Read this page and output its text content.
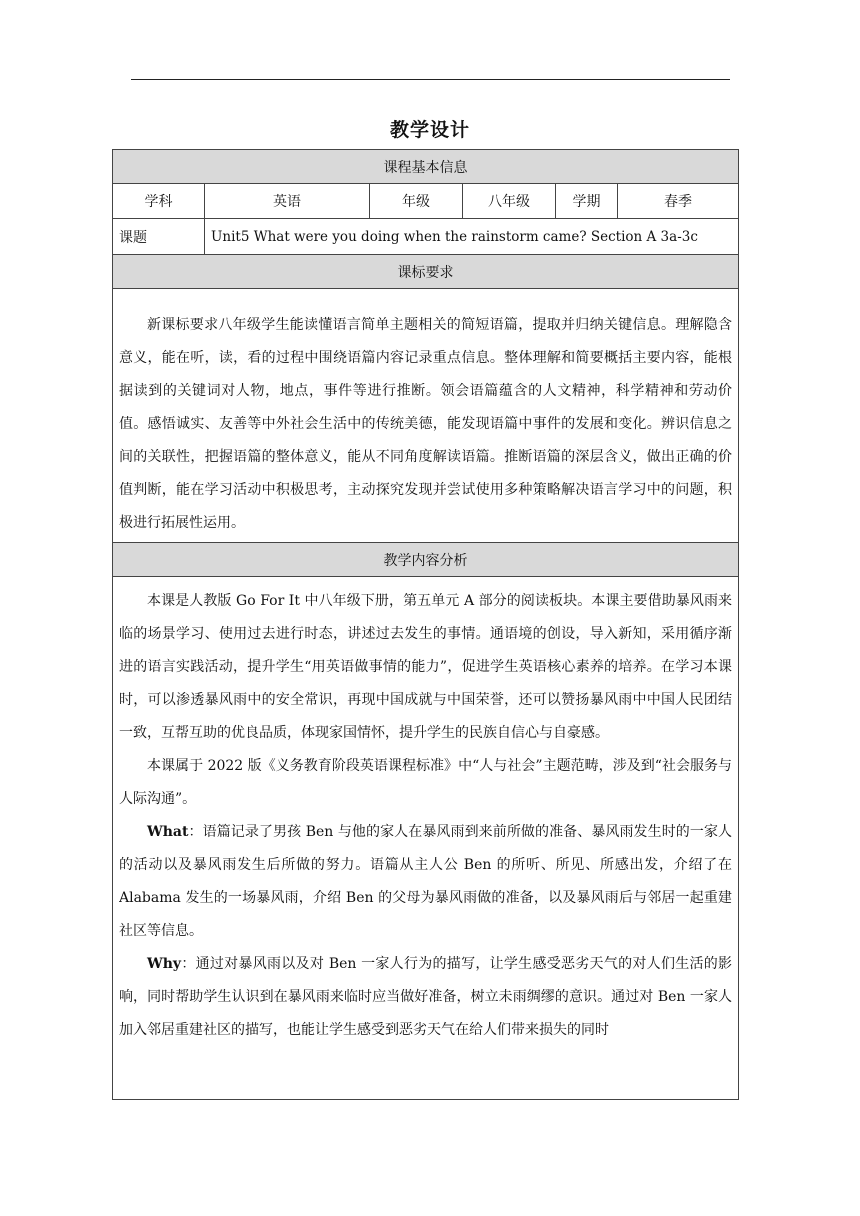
教学设计
课程基本信息					
学科	英语	年级	八年级	学期	春季
课题	Unit5 What were you doing when the rainstorm came? Section A 3a-3c				
课标要求					

新课标要求八年级学生能读懂语言简单主题相关的简短语篇，提取并归纳关键信息。理解隐含意义，能在听，读，看的过程中围绕语篇内容记录重点信息。整体理解和简要概括主要内容，能根据读到的关键词对人物，地点，事件等进行推断。领会语篇蕴含的人文精神，科学精神和劳动价值。感悟诚实、友善等中外社会生活中的传统美德，能发现语篇中事件的发展和变化。辨识信息之间的关联性，把握语篇的整体意义，能从不同角度解读语篇。推断语篇的深层含义，做出正确的价值判断，能在学习活动中积极思考，主动探究发现并尝试使用多种策略解决语言学习中的问题，积极进行拓展性运用。					

教学内容分析					

本课是人教版 Go For It 中八年级下册，第五单元 A 部分的阅读板块。本课主要借助暴风雨来临的场景学习、使用过去进行时态，讲述过去发生的事情。通语境的创设，导入新知，采用循序渐进的语言实践活动，提升学生“用英语做事情的能力”，促进学生英语核心素养的培养。在学习本课时，可以渗透暴风雨中的安全常识，再现中国成就与中国荣誉，还可以赞扬暴风雨中中国人民团结一致，互帮互助的优良品质，体现家国情怀，提升学生的民族自信心与自豪感。

本课属于 2022 版《义务教育阶段英语课程标准》中“人与社会”主题范畴，涉及到“社会服务与人际沟通”。

What：语篇记录了男孩 Ben 与他的家人在暴风雨到来前所做的准备、暴风雨发生时的一家人的活动以及暴风雨发生后所做的努力。语篇从主人公 Ben 的所听、所见、所感出发，介绍了在 Alabama 发生的一场暴风雨，介绍 Ben 的父母为暴风雨做的准备，以及暴风雨后与邻居一起重建社区等信息。

Why：通过对暴风雨以及对 Ben 一家人行为的描写，让学生感受恶劣天气的对人们生活的影响，同时帮助学生认识到在暴风雨来临时应当做好准备，树立未雨绸缪的意识。通过对 Ben 一家人加入邻居重建社区的描写，也能让学生感受到恶劣天气在给人们带来损失的同时					
